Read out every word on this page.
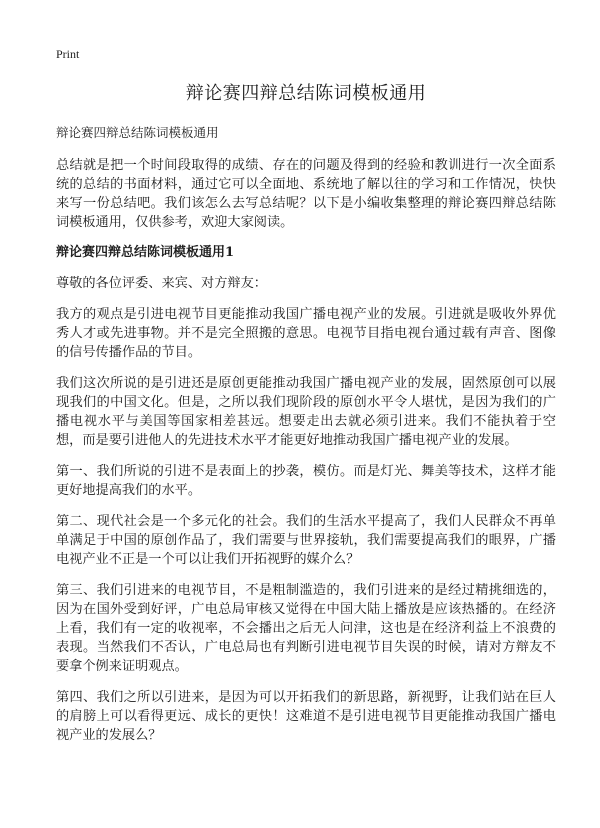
Print
辩论赛四辩总结陈词模板通用

辩论赛四辩总结陈词模板通用

总结就是把一个时间段取得的成绩、存在的问题及得到的经验和教训进行一次全面系统的总结的书面材料，通过它可以全面地、系统地了解以往的学习和工作情况，快快来写一份总结吧。我们该怎么去写总结呢？以下是小编收集整理的辩论赛四辩总结陈词模板通用，仅供参考，欢迎大家阅读。

辩论赛四辩总结陈词模板通用1

尊敬的各位评委、来宾、对方辩友：

我方的观点是引进电视节目更能推动我国广播电视产业的发展。引进就是吸收外界优秀人才或先进事物。并不是完全照搬的意思。电视节目指电视台通过载有声音、图像的信号传播作品的节目。

我们这次所说的是引进还是原创更能推动我国广播电视产业的发展，固然原创可以展现我们的中国文化。但是，之所以我们现阶段的原创水平令人堪忧，是因为我们的广播电视水平与美国等国家相差甚远。想要走出去就必须引进来。我们不能执着于空想，而是要引进他人的先进技术水平才能更好地推动我国广播电视产业的发展。

第一、我们所说的引进不是表面上的抄袭，模仿。而是灯光、舞美等技术，这样才能更好地提高我们的水平。

第二、现代社会是一个多元化的社会。我们的生活水平提高了，我们人民群众不再单单满足于中国的原创作品了，我们需要与世界接轨，我们需要提高我们的眼界，广播电视产业不正是一个可以让我们开拓视野的媒介么？

第三、我们引进来的电视节目，不是粗制滥造的，我们引进来的是经过精挑细选的，因为在国外受到好评，广电总局审核又觉得在中国大陆上播放是应该热播的。在经济上看，我们有一定的收视率，不会播出之后无人问津，这也是在经济利益上不浪费的表现。当然我们不否认，广电总局也有判断引进电视节目失误的时候，请对方辩友不要拿个例来证明观点。

第四、我们之所以引进来，是因为可以开拓我们的新思路，新视野，让我们站在巨人的肩膀上可以看得更远、成长的更快！这难道不是引进电视节目更能推动我国广播电视产业的发展么？
